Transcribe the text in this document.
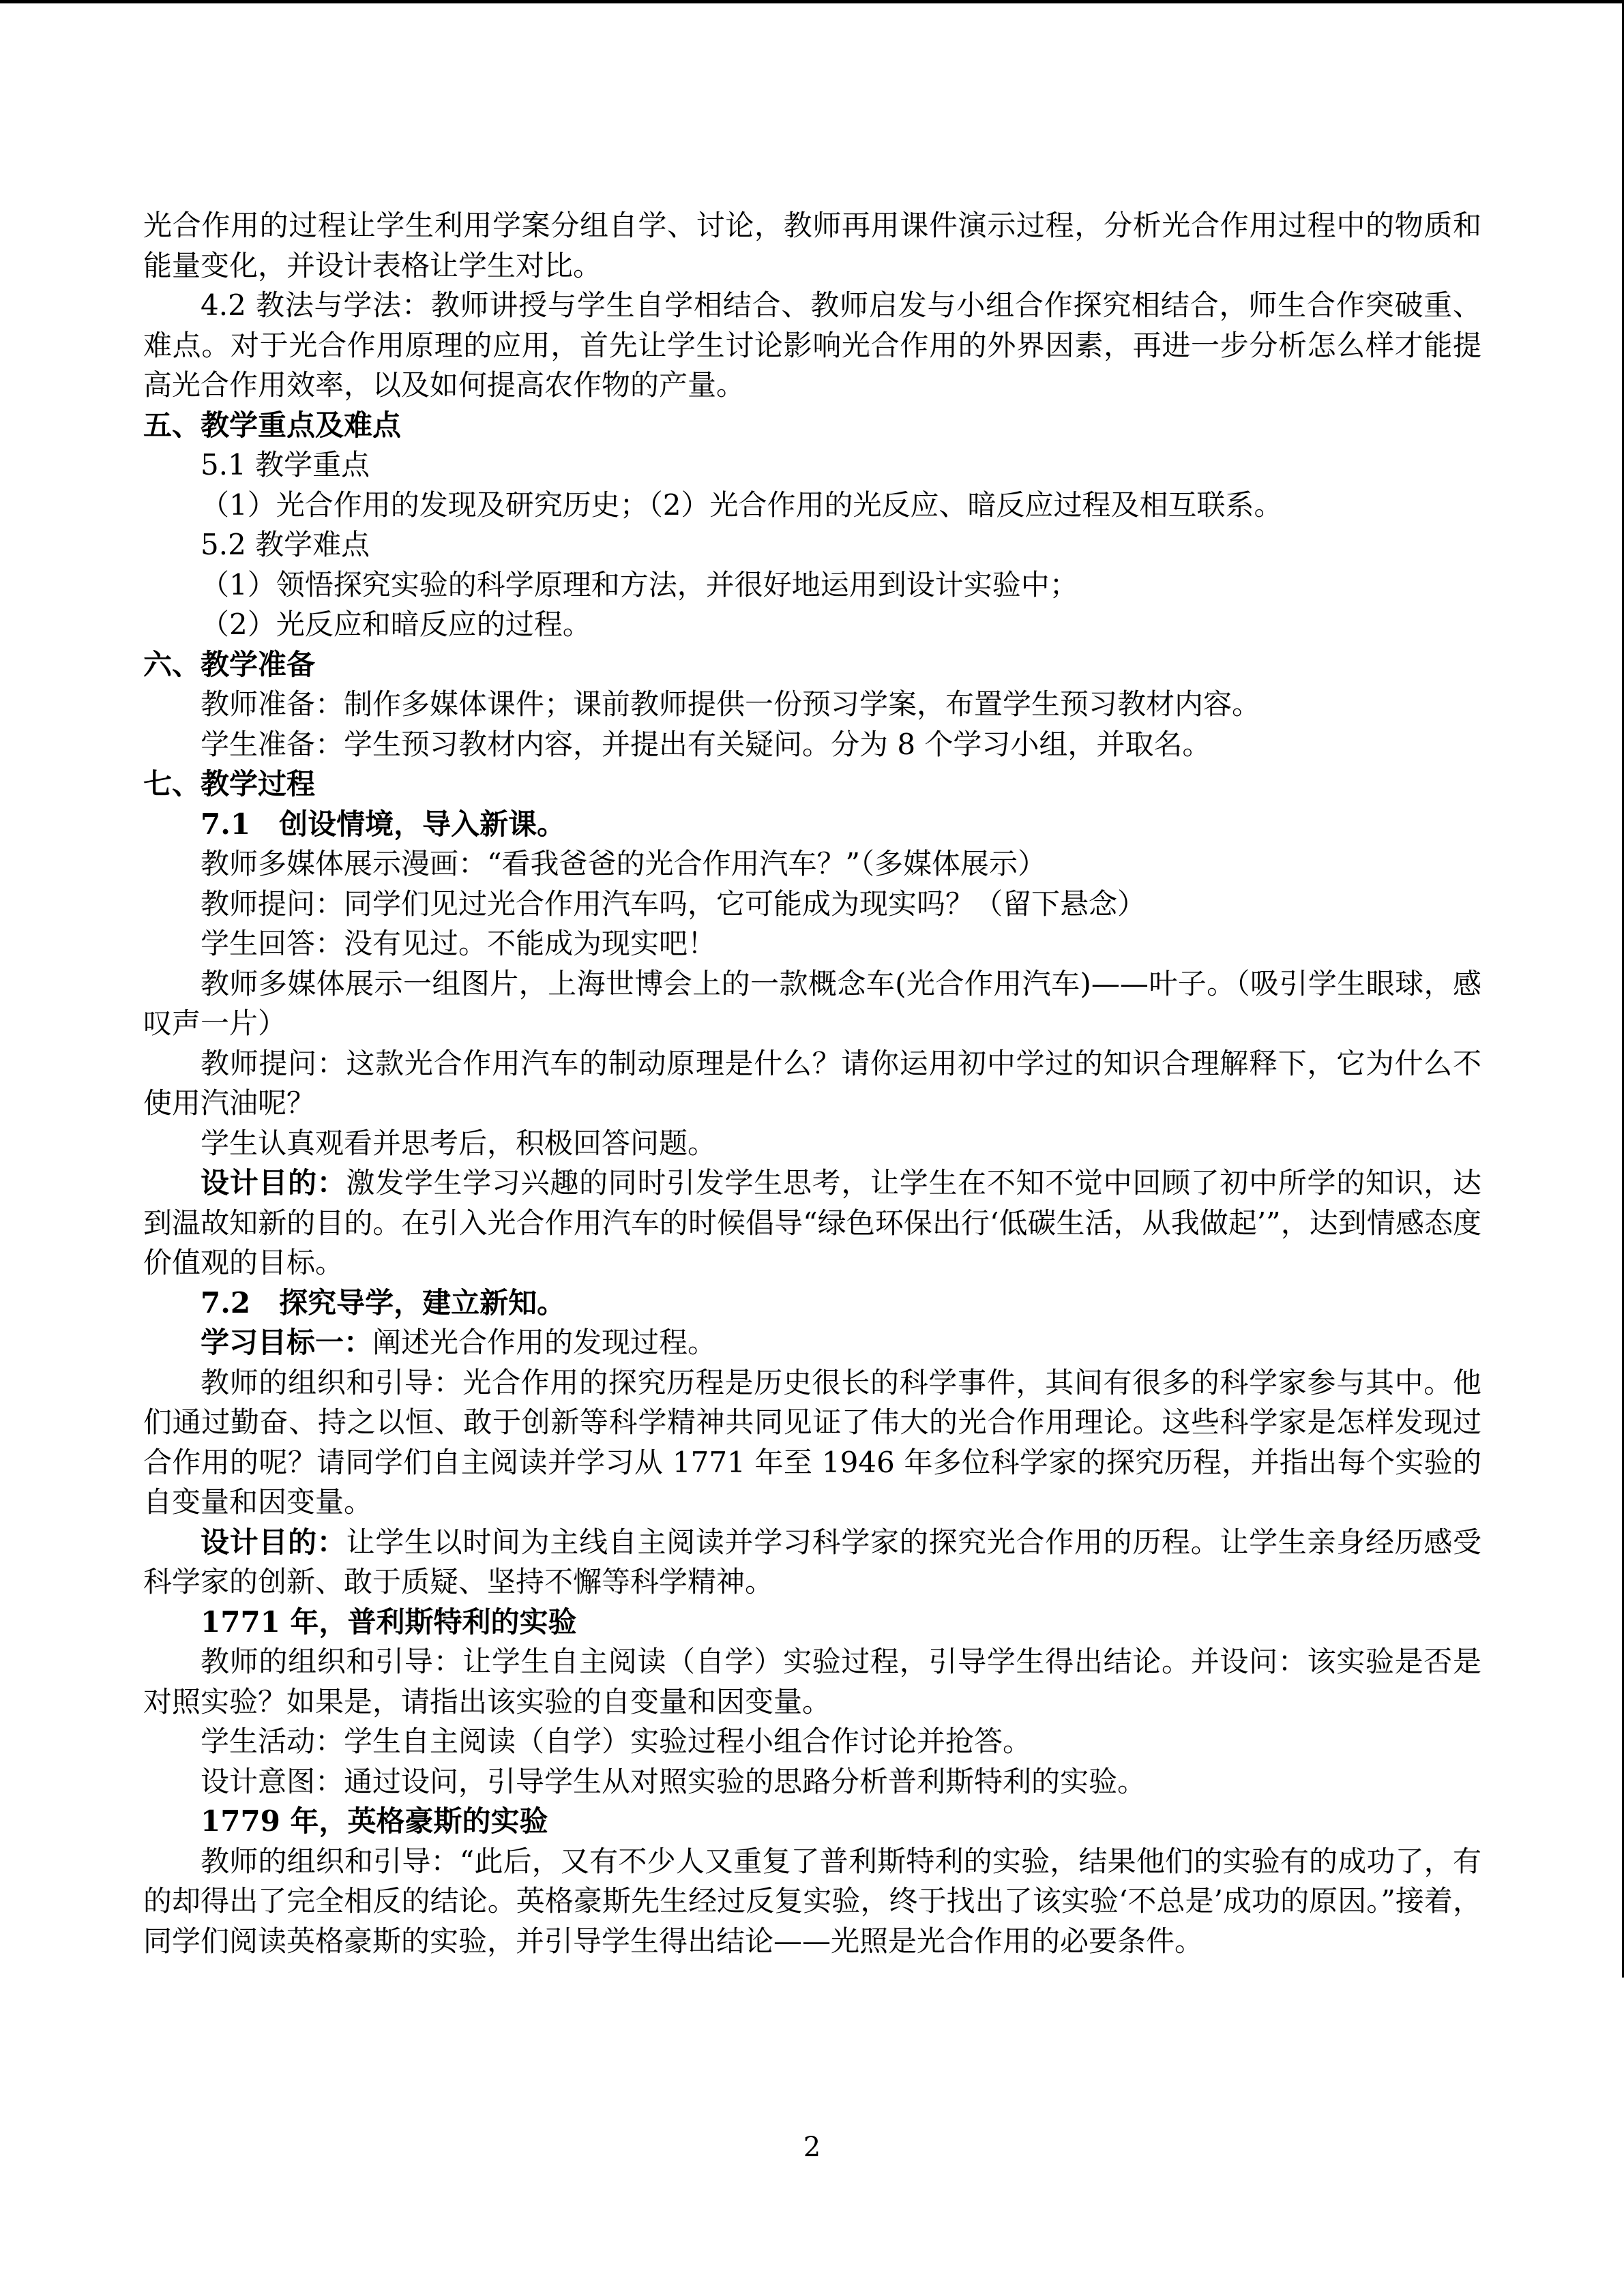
光合作用的过程让学生利用学案分组自学、讨论，教师再用课件演示过程，分析光合作用过程中的物质和能量变化，并设计表格让学生对比。

4.2 教法与学法：教师讲授与学生自学相结合、教师启发与小组合作探究相结合，师生合作突破重、难点。对于光合作用原理的应用，首先让学生讨论影响光合作用的外界因素，再进一步分析怎么样才能提高光合作用效率，以及如何提高农作物的产量。

五、教学重点及难点

5.1 教学重点

（1）光合作用的发现及研究历史；（2）光合作用的光反应、暗反应过程及相互联系。

5.2 教学难点

（1）领悟探究实验的科学原理和方法，并很好地运用到设计实验中；

（2）光反应和暗反应的过程。

六、教学准备

教师准备：制作多媒体课件；课前教师提供一份预习学案，布置学生预习教材内容。

学生准备：学生预习教材内容，并提出有关疑问。分为 8 个学习小组，并取名。

七、教学过程

7.1　创设情境，导入新课。

教师多媒体展示漫画：“看我爸爸的光合作用汽车？”（多媒体展示）

教师提问：同学们见过光合作用汽车吗，它可能成为现实吗？（留下悬念）

学生回答：没有见过。不能成为现实吧！

教师多媒体展示一组图片，上海世博会上的一款概念车(光合作用汽车)——叶子。（吸引学生眼球，感叹声一片）

教师提问：这款光合作用汽车的制动原理是什么？请你运用初中学过的知识合理解释下，它为什么不使用汽油呢？

学生认真观看并思考后，积极回答问题。

设计目的：激发学生学习兴趣的同时引发学生思考，让学生在不知不觉中回顾了初中所学的知识，达到温故知新的目的。在引入光合作用汽车的时候倡导“绿色环保出行‘低碳生活，从我做起’”，达到情感态度价值观的目标。

7.2　探究导学，建立新知。

学习目标一：阐述光合作用的发现过程。

教师的组织和引导：光合作用的探究历程是历史很长的科学事件，其间有很多的科学家参与其中。他们通过勤奋、持之以恒、敢于创新等科学精神共同见证了伟大的光合作用理论。这些科学家是怎样发现过合作用的呢？请同学们自主阅读并学习从 1771 年至 1946 年多位科学家的探究历程，并指出每个实验的自变量和因变量。

设计目的：让学生以时间为主线自主阅读并学习科学家的探究光合作用的历程。让学生亲身经历感受科学家的创新、敢于质疑、坚持不懈等科学精神。

1771 年，普利斯特利的实验

教师的组织和引导：让学生自主阅读（自学）实验过程，引导学生得出结论。并设问：该实验是否是对照实验？如果是，请指出该实验的自变量和因变量。

学生活动：学生自主阅读（自学）实验过程小组合作讨论并抢答。

设计意图：通过设问，引导学生从对照实验的思路分析普利斯特利的实验。

1779 年，英格豪斯的实验

教师的组织和引导：“此后，又有不少人又重复了普利斯特利的实验，结果他们的实验有的成功了，有的却得出了完全相反的结论。英格豪斯先生经过反复实验，终于找出了该实验‘不总是’成功的原因。”接着，同学们阅读英格豪斯的实验，并引导学生得出结论——光照是光合作用的必要条件。

2
